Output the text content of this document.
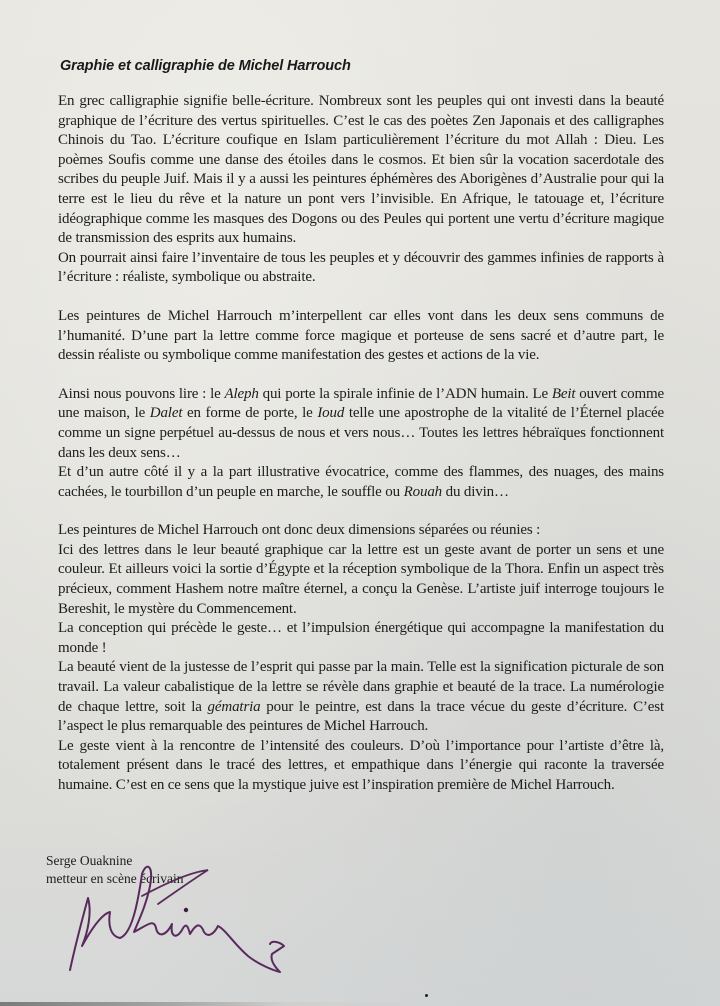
Graphie et calligraphie de Michel Harrouch

En grec calligraphie signifie belle-écriture. Nombreux sont les peuples qui ont investi dans la beauté graphique de l’écriture des vertus spirituelles. C’est le cas des poètes Zen Japonais et des calligraphes Chinois du Tao. L’écriture coufique en Islam particulièrement l’écriture du mot Allah : Dieu. Les poèmes Soufis comme une danse des étoiles dans le cosmos. Et bien sûr la vocation sacerdotale des scribes du peuple Juif. Mais il y a aussi les peintures éphémères des Aborigènes d’Australie pour qui la terre est le lieu du rêve et la nature un pont vers l’invisible. En Afrique, le tatouage et, l’écriture idéographique comme les masques des Dogons ou des Peules qui portent une vertu d’écriture magique de transmission des esprits aux humains.

On pourrait ainsi faire l’inventaire de tous les peuples et y découvrir des gammes infinies de rapports à l’écriture : réaliste, symbolique ou abstraite.

Les peintures de Michel Harrouch m’interpellent car elles vont dans les deux sens communs de l’humanité. D’une part la lettre comme force magique et porteuse de sens sacré et d’autre part, le dessin réaliste ou symbolique comme manifestation des gestes et actions de la vie.

Ainsi nous pouvons lire : le Aleph qui porte la spirale infinie de l’ADN humain. Le Beit ouvert comme une maison, le Dalet en forme de porte, le Ioud telle une apostrophe de la vitalité de l’Éternel placée comme un signe perpétuel au-dessus de nous et vers nous… Toutes les lettres hébraïques fonctionnent dans les deux sens…

Et d’un autre côté il y a la part illustrative évocatrice, comme des flammes, des nuages, des mains cachées, le tourbillon d’un peuple en marche, le souffle ou Rouah du divin…

Les peintures de Michel Harrouch ont donc deux dimensions séparées ou réunies :

Ici des lettres dans le leur beauté graphique car la lettre est un geste avant de porter un sens et une couleur. Et ailleurs voici la sortie d’Égypte et la réception symbolique de la Thora. Enfin un aspect très précieux, comment Hashem notre maître éternel, a conçu la Genèse. L’artiste juif interroge toujours le Bereshit, le mystère du Commencement.

La conception qui précède le geste… et l’impulsion énergétique qui accompagne la manifestation du monde !

La beauté vient de la justesse de l’esprit qui passe par la main. Telle est la signification picturale de son travail. La valeur cabalistique de la lettre se révèle dans graphie et beauté de la trace. La numérologie de chaque lettre, soit la gématria pour le peintre, est dans la trace vécue du geste d’écriture. C’est l’aspect le plus remarquable des peintures de Michel Harrouch.

Le geste vient à la rencontre de l’intensité des couleurs. D’où l’importance pour l’artiste d’être là, totalement présent dans le tracé des lettres, et empathique dans l’énergie qui raconte la traversée humaine. C’est en ce sens que la mystique juive est l’inspiration première de Michel Harrouch.

Serge Ouaknine
metteur en scène écrivain
